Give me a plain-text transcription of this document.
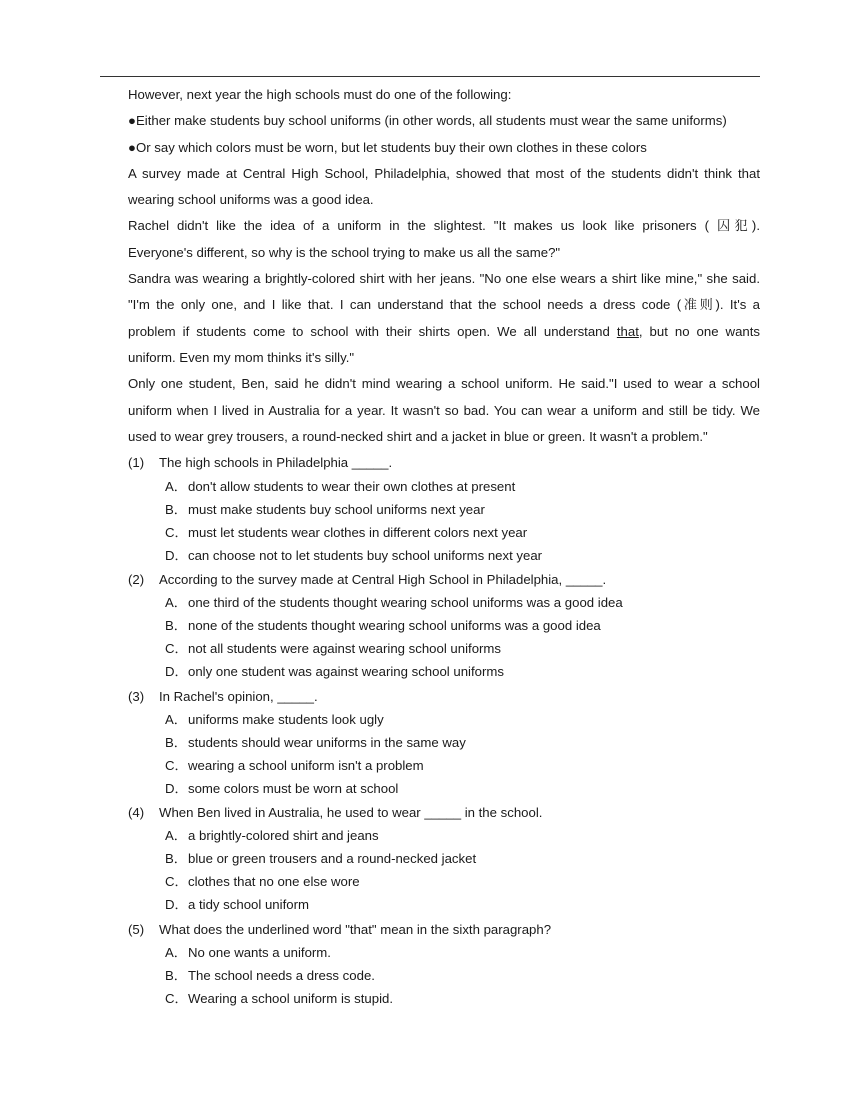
However, next year the high schools must do one of the following:
●Either make students buy school uniforms (in other words, all students must wear the same uniforms)
●Or say which colors must be worn, but let students buy their own clothes in these colors
A survey made at Central High School, Philadelphia, showed that most of the students didn't think that
wearing school uniforms was a good idea.
Rachel didn't like the idea of a uniform in the slightest. "It makes us look like prisoners ( 囚犯).
Everyone's different, so why is the school trying to make us all the same?"
Sandra was wearing a brightly-colored shirt with her jeans. "No one else wears a shirt like mine," she said.
"I'm the only one, and I like that. I can understand that the school needs a dress code (准则). It's a
problem if students come to school with their shirts open. We all understand that, but no one wants
uniform. Even my mom thinks it's silly."
Only one student, Ben, said he didn't mind wearing a school uniform. He said."I used to wear a school
uniform when I lived in Australia for a year. It wasn't so bad. You can wear a uniform and still be tidy. We
used to wear grey trousers, a round-necked shirt and a jacket in blue or green. It wasn't a problem."
(1)	The high schools in Philadelphia _____.
A．don't allow students to wear their own clothes at present
B．must make students buy school uniforms next year
C．must let students wear clothes in different colors next year
D．can choose not to let students buy school uniforms next year
(2)	According to the survey made at Central High School in Philadelphia, _____.
A．one third of the students thought wearing school uniforms was a good idea
B．none of the students thought wearing school uniforms was a good idea
C．not all students were against wearing school uniforms
D．only one student was against wearing school uniforms
(3)	In Rachel's opinion, _____.
A．uniforms make students look ugly
B．students should wear uniforms in the same way
C．wearing a school uniform isn't a problem
D．some colors must be worn at school
(4)	When Ben lived in Australia, he used to wear _____ in the school.
A．a brightly-colored shirt and jeans
B．blue or green trousers and a round-necked jacket
C．clothes that no one else wore
D．a tidy school uniform
(5)	What does the underlined word "that" mean in the sixth paragraph?
A．No one wants a uniform.
B．The school needs a dress code.
C．Wearing a school uniform is stupid.
